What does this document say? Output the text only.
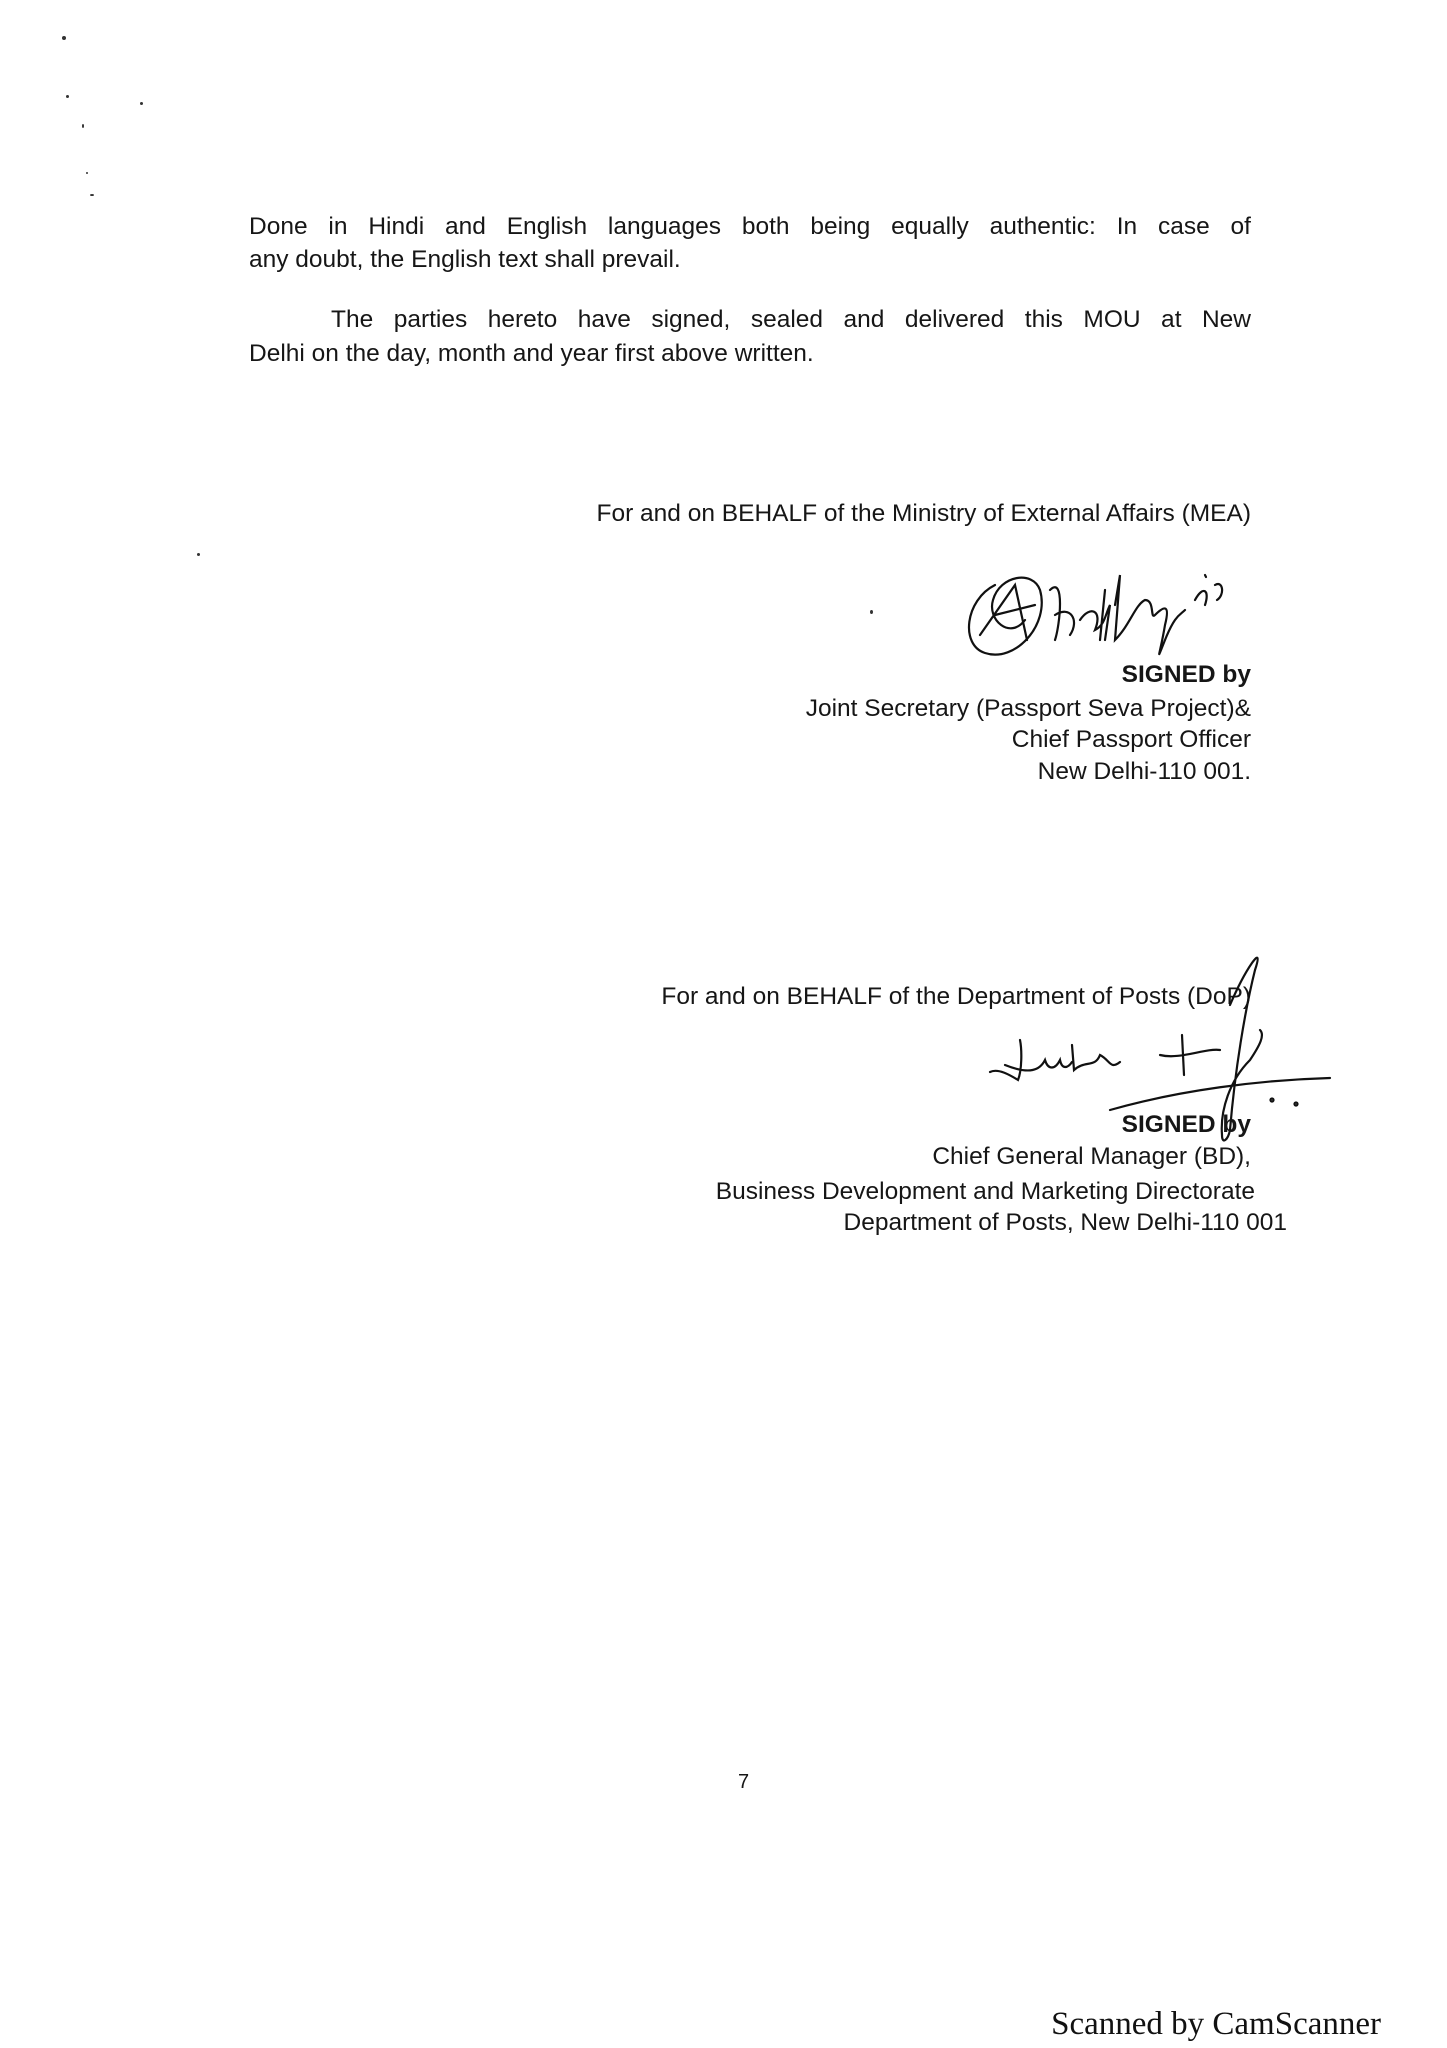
Done in Hindi and English languages both being equally authentic: In case of
any doubt, the English text shall prevail.
The parties hereto have signed, sealed and delivered this MOU at New
Delhi on the day, month and year first above written.
For and on BEHALF of the Ministry of External Affairs (MEA)
SIGNED by
Joint Secretary (Passport Seva Project)&
Chief Passport Officer
New Delhi-110 001.
For and on BEHALF of the Department of Posts (DoP)
SIGNED by
Chief General Manager (BD),
Business Development and Marketing Directorate
Department of Posts, New Delhi-110 001
7
Scanned by CamScanner
